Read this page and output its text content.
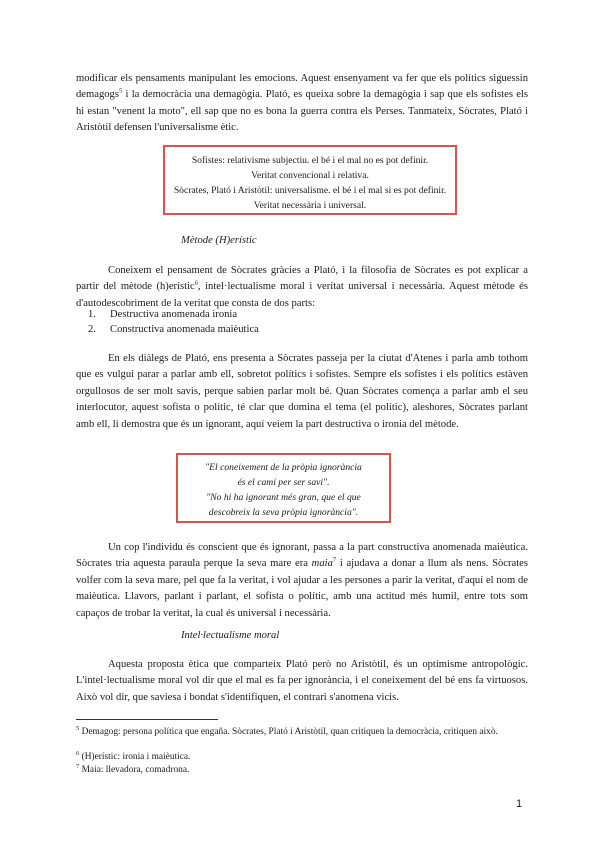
modificar els pensaments manipulant les emocions. Aquest ensenyament va fer que els polítics siguessin demagogs$^5$ i la democràcia una demagògia. Plató, es queixa sobre la demagògia i sap que els sofistes els hi estan "venent la moto", ell sap que no es bona la guerra contra els Perses. Tanmateix, Sòcrates, Plató i Aristòtil defensen l'universalisme ètic.

Sofistes: relativisme subjectiu. el bé i el mal no es pot definir.
Veritat convencional i relativa.
Sòcrates, Plató i Aristòtil: universalisme. el bé i el mal si es pot definir.
Veritat necessària i universal.
Mètode (H)erístic

Coneixem el pensament de Sòcrates gràcies a Plató, i la filosofia de Sòcrates es pot explicar a partir del mètode (h)erístic$^6$, intel·lectualisme moral i veritat universal i necessària. Aquest mètode és d'autodescobriment de la veritat que consta de dos parts:

1. Destructiva anomenada ironia
2. Constructiva anomenada maièutica

En els diàlegs de Plató, ens presenta a Sòcrates passeja per la ciutat d'Atenes i parla amb tothom que es vulgui parar a parlar amb ell, sobretot polítics i sofistes. Sempre els sofistes i els polítics estàven orgullosos de ser molt savis, perque sabien parlar molt bé. Quan Sòcrates comença a parlar amb el seu interlocutor, aquest sofista o polític, té clar que domina el tema (el polític), aleshores, Sòcrates parlant amb ell, li demostra que és un ignorant, aquí veiem la part destructiva o ironia del mètode.

"El coneixement de la pròpia ignorància
és el camí per ser savi".
"No hi ha ignorant més gran, que el que
descobreix la seva pròpia ignorància".

Un cop l'individu és conscient que és ignorant, passa a la part constructiva anomenada maièutica. Sòcrates tria aquesta paraula perque la seva mare era maia$^7$ i ajudava a donar a llum als nens. Sòcrates volfer com la seva mare, pel que fa la veritat, i vol ajudar a les persones a parir la veritat, d'aquí el nom de maièutica. Llavors, parlant i parlant, el sofista o polític, amb una actitud més humil, entre tots som capaços de trobar la veritat, la cual és universal i necessària.

Intel·lectualisme moral

Aquesta proposta ètica que comparteix Plató però no Aristòtil, és un optimisme antropològic. L'intel·lectualisme moral vol dir que el mal es fa per ignorància, i el coneixement del bé ens fa virtuosos. Això vol dir, que saviesa i bondat s'identifiquen, el contrari s'anomena vicis.

$^5$ Demagog: persona política que engaña. Sòcrates, Plató i Aristòtil, quan critiquen la democràcia, critiquen això.
$^6$ (H)erístic: ironia i maièutica.
$^7$ Maia: llevadora, comadrona.
1
